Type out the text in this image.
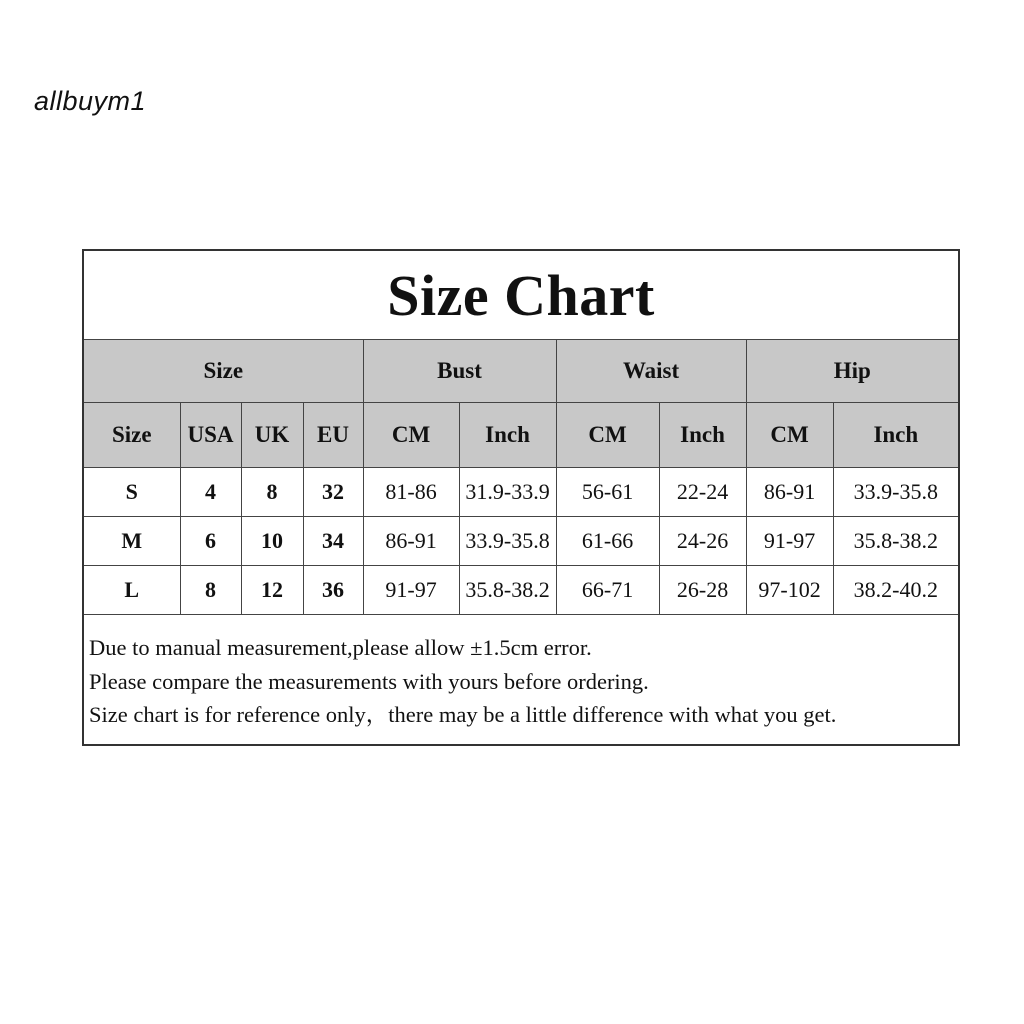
allbuym1
Size Chart
Size				Bust		Waist		Hip	
Size	USA	UK	EU	CM	Inch	CM	Inch	CM	Inch
S	4	8	32	81-86	31.9-33.9	56-61	22-24	86-91	33.9-35.8
M	6	10	34	86-91	33.9-35.8	61-66	24-26	91-97	35.8-38.2
L	8	12	36	91-97	35.8-38.2	66-71	26-28	97-102	38.2-40.2
Due to manual measurement,please allow ±1.5cm error.
Please compare the measurements with yours before ordering.
Size chart is for reference only，there may be a little difference with what you get.
